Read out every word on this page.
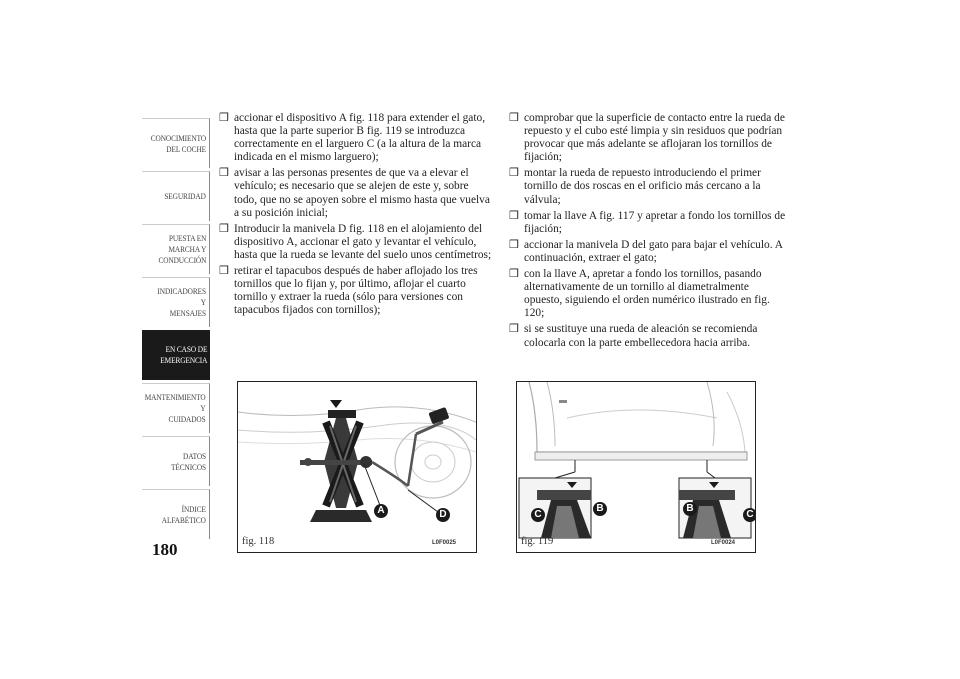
CONOCIMIENTO
DEL COCHE
SEGURIDAD
PUESTA EN
MARCHA Y
CONDUCCIÓN
INDICADORES Y
MENSAJES
EN CASO DE
EMERGENCIA
MANTENIMIENTO Y
CUIDADOS
DATOS TÉCNICOS
ÍNDICE
ALFABÉTICO
180
❒ accionar el dispositivo A fig. 118 para extender el gato, hasta que la parte superior B fig. 119 se introduzca correctamente en el larguero C (a la altura de la marca indicada en el mismo larguero);
❒ avisar a las personas presentes de que va a elevar el vehículo; es necesario que se alejen de este y, sobre todo, que no se apoyen sobre el mismo hasta que vuelva a su posición inicial;
❒ Introducir la manivela D fig. 118 en el alojamiento del dispositivo A, accionar el gato y levantar el vehículo, hasta que la rueda se levante del suelo unos centímetros;
❒ retirar el tapacubos después de haber aflojado los tres tornillos que lo fijan y, por último, aflojar el cuarto tornillo y extraer la rueda (sólo para versiones con tapacubos fijados con tornillos);
❒ comprobar que la superficie de contacto entre la rueda de repuesto y el cubo esté limpia y sin residuos que podrían provocar que más adelante se aflojaran los tornillos de fijación;
❒ montar la rueda de repuesto introduciendo el primer tornillo de dos roscas en el orificio más cercano a la válvula;
❒ tomar la llave A fig. 117 y apretar a fondo los tornillos de fijación;
❒ accionar la manivela D del gato para bajar el vehículo. A continuación, extraer el gato;
❒ con la llave A, apretar a fondo los tornillos, pasando alternativamente de un tornillo al diametralmente opuesto, siguiendo el orden numérico ilustrado en fig. 120;
❒ si se sustituye una rueda de aleación se recomienda colocarla con la parte embellecedora hacia arriba.
A	D
fig. 118	L0F0025
C
B	B
C
fig. 119	L0F0024
